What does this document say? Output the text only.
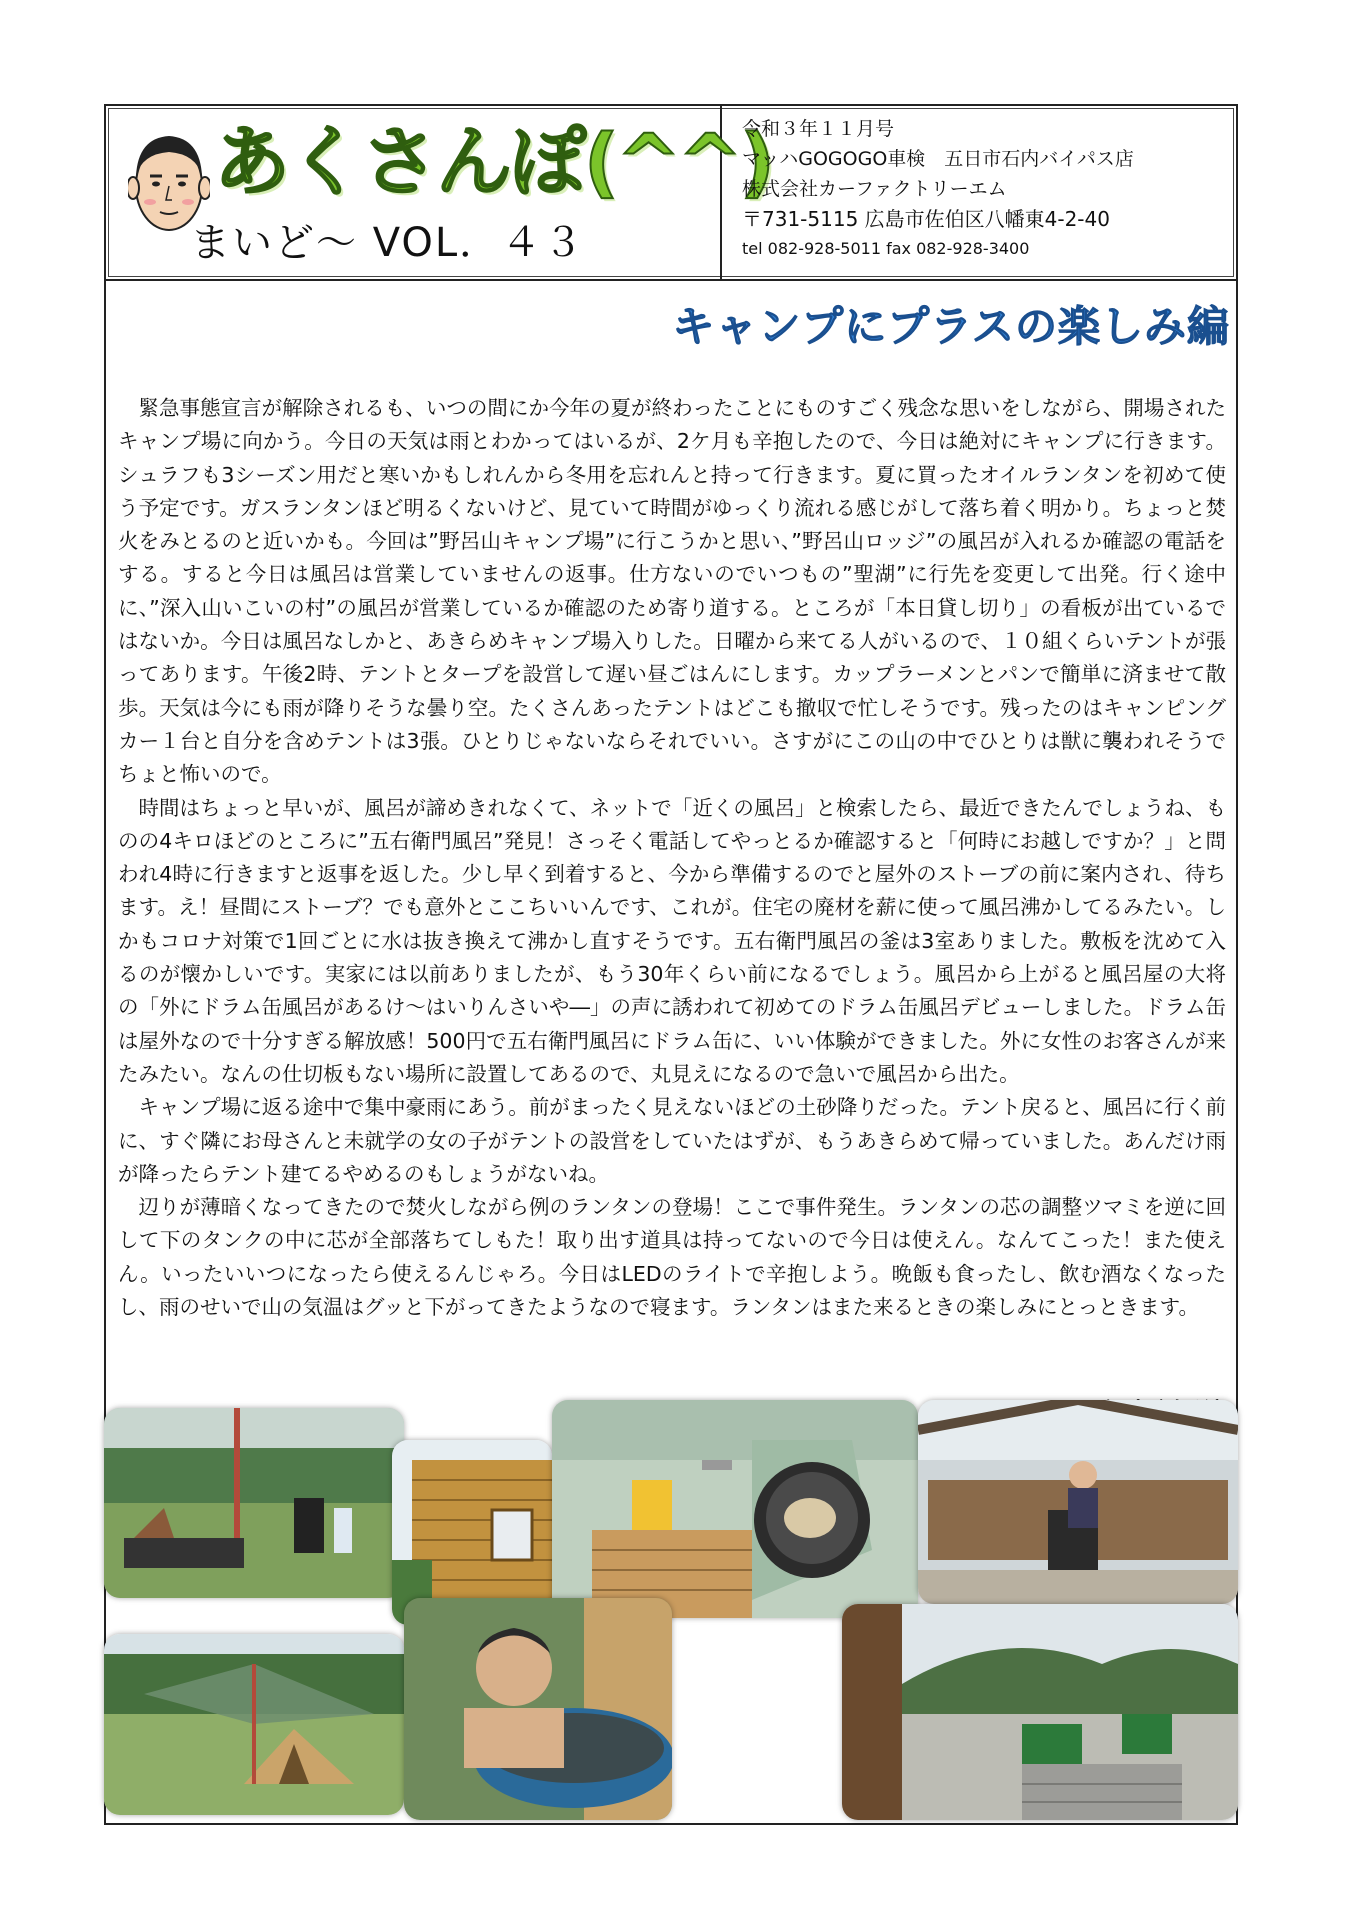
あくさんぽ(^^)
まいど～ VOL．４３
令和３年１１月号
マッハGOGOGO車検　五日市石内バイパス店
株式会社カーファクトリーエム
〒731-5115 広島市佐伯区八幡東4-2-40
tel 082-928-5011 fax 082-928-3400
キャンプにプラスの楽しみ編

緊急事態宣言が解除されるも、いつの間にか今年の夏が終わったことにものすごく残念な思いをしながら、開場されたキャンプ場に向かう。今日の天気は雨とわかってはいるが、2ケ月も辛抱したので、今日は絶対にキャンプに行きます。 シュラフも3シーズン用だと寒いかもしれんから冬用を忘れんと持って行きます。夏に買ったオイルランタンを初めて使う予定です。ガスランタンほど明るくないけど、見ていて時間がゆっくり流れる感じがして落ち着く明かり。ちょっと焚火をみとるのと近いかも。今回は”野呂山キャンプ場”に行こうかと思い、”野呂山ロッジ”の風呂が入れるか確認の電話をする。すると今日は風呂は営業していませんの返事。仕方ないのでいつもの”聖湖”に行先を変更して出発。行く途中に、”深入山いこいの村”の風呂が営業しているか確認のため寄り道する。ところが「本日貸し切り」の看板が出ているではないか。今日は風呂なしかと、あきらめキャンプ場入りした。日曜から来てる人がいるので、１０組くらいテントが張ってあります。午後2時、テントとタープを設営して遅い昼ごはんにします。カップラーメンとパンで簡単に済ませて散歩。天気は今にも雨が降りそうな曇り空。たくさんあったテントはどこも撤収で忙しそうです。残ったのはキャンピングカー１台と自分を含めテントは3張。ひとりじゃないならそれでいい。さすがにこの山の中でひとりは獣に襲われそうでちょと怖いので。

時間はちょっと早いが、風呂が諦めきれなくて、ネットで「近くの風呂」と検索したら、最近できたんでしょうね、ものの4キロほどのところに”五右衛門風呂”発見！さっそく電話してやっとるか確認すると「何時にお越しですか？」と問われ4時に行きますと返事を返した。少し早く到着すると、今から準備するのでと屋外のストーブの前に案内され、待ちます。え！昼間にストーブ？でも意外とここちいいんです、これが。住宅の廃材を薪に使って風呂沸かしてるみたい。しかもコロナ対策で1回ごとに水は抜き換えて沸かし直すそうです。五右衛門風呂の釜は3室ありました。敷板を沈めて入るのが懐かしいです。実家には以前ありましたが、もう30年くらい前になるでしょう。風呂から上がると風呂屋の大将の「外にドラム缶風呂があるけ～はいりんさいや―」の声に誘われて初めてのドラム缶風呂デビューしました。ドラム缶は屋外なので十分すぎる解放感！500円で五右衛門風呂にドラム缶に、いい体験ができました。外に女性のお客さんが来たみたい。なんの仕切板もない場所に設置してあるので、丸見えになるので急いで風呂から出た。

キャンプ場に返る途中で集中豪雨にあう。前がまったく見えないほどの土砂降りだった。テント戻ると、風呂に行く前に、すぐ隣にお母さんと未就学の女の子がテントの設営をしていたはずが、もうあきらめて帰っていました。あんだけ雨が降ったらテント建てるやめるのもしょうがないね。

辺りが薄暗くなってきたので焚火しながら例のランタンの登場！ここで事件発生。ランタンの芯の調整ツマミを逆に回して下のタンクの中に芯が全部落ちてしもた！取り出す道具は持ってないので今日は使えん。なんてこった！また使えん。いったいいつになったら使えるんじゃろ。今日はLEDのライトで辛抱しよう。晩飯も食ったし、飲む酒なくなったし、雨のせいで山の気温はグッと下がってきたようなので寝ます。ランタンはまた来るときの楽しみにとっときます。
